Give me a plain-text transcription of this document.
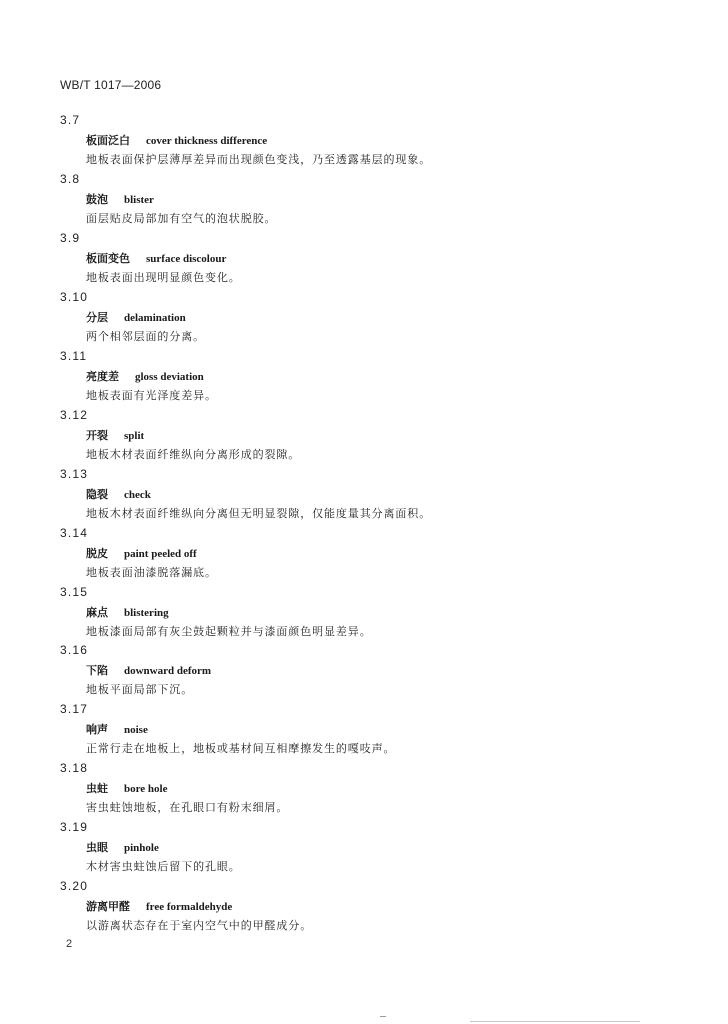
WB/T 1017—2006
3.7
板面泛白 cover thickness difference
地板表面保护层薄厚差异而出现颜色变浅，乃至透露基层的现象。
3.8
鼓泡 blister
面层贴皮局部加有空气的泡状脱胶。
3.9
板面变色 surface discolour
地板表面出现明显颜色变化。
3.10
分层 delamination
两个相邻层面的分离。
3.11
亮度差 gloss deviation
地板表面有光泽度差异。
3.12
开裂 split
地板木材表面纤维纵向分离形成的裂隙。
3.13
隐裂 check
地板木材表面纤维纵向分离但无明显裂隙，仅能度量其分离面积。
3.14
脱皮 paint peeled off
地板表面油漆脱落漏底。
3.15
麻点 blistering
地板漆面局部有灰尘鼓起颗粒并与漆面颜色明显差异。
3.16
下陷 downward deform
地板平面局部下沉。
3.17
响声 noise
正常行走在地板上，地板或基材间互相摩擦发生的嘎吱声。
3.18
虫蛀 bore hole
害虫蛀蚀地板，在孔眼口有粉末细屑。
3.19
虫眼 pinhole
木材害虫蛀蚀后留下的孔眼。
3.20
游离甲醛 free formaldehyde
以游离状态存在于室内空气中的甲醛成分。
2
